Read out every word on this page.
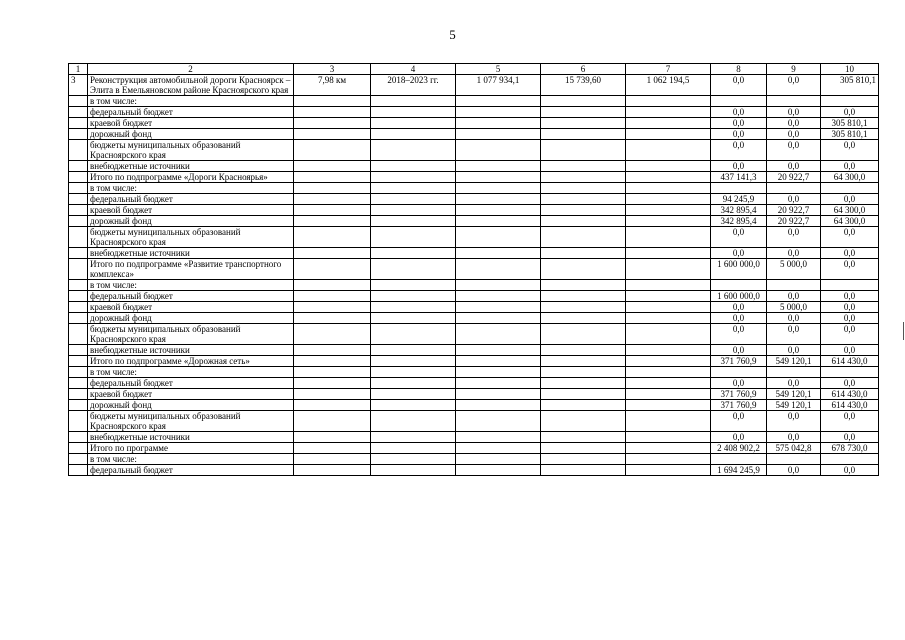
5
1	2	3	4	5	6	7	8	9	10
3	Реконструкция автомобильной дороги Красноярск – Элита в Емельяновском районе Красноярского края	7,98 км	2018–2023 гг.	1 077 934,1	15 739,60	1 062 194,5	0,0	0,0	305 810,1
	в том числе:								
	федеральный бюджет						0,0	0,0	0,0
	краевой бюджет						0,0	0,0	305 810,1
	дорожный фонд						0,0	0,0	305 810,1
	бюджеты муниципальных образований Красноярского края						0,0	0,0	0,0
	внебюджетные источники						0,0	0,0	0,0
	Итого по подпрограмме «Дороги Красноярья»						437 141,3	20 922,7	64 300,0
	в том числе:								
	федеральный бюджет						94 245,9	0,0	0,0
	краевой бюджет						342 895,4	20 922,7	64 300,0
	дорожный фонд						342 895,4	20 922,7	64 300,0
	бюджеты муниципальных образований Красноярского края						0,0	0,0	0,0
	внебюджетные источники						0,0	0,0	0,0
	Итого по подпрограмме «Развитие транспортного комплекса»						1 600 000,0	5 000,0	0,0
	в том числе:								
	федеральный бюджет						1 600 000,0	0,0	0,0
	краевой бюджет						0,0	5 000,0	0,0
	дорожный фонд						0,0	0,0	0,0
	бюджеты муниципальных образований Красноярского края						0,0	0,0	0,0
	внебюджетные источники						0,0	0,0	0,0
	Итого по подпрограмме «Дорожная сеть»						371 760,9	549 120,1	614 430,0
	в том числе:								
	федеральный бюджет						0,0	0,0	0,0
	краевой бюджет						371 760,9	549 120,1	614 430,0
	дорожный фонд						371 760,9	549 120,1	614 430,0
	бюджеты муниципальных образований Красноярского края						0,0	0,0	0,0
	внебюджетные источники						0,0	0,0	0,0
	Итого по программе						2 408 902,2	575 042,8	678 730,0
	в том числе:								
	федеральный бюджет						1 694 245,9	0,0	0,0
